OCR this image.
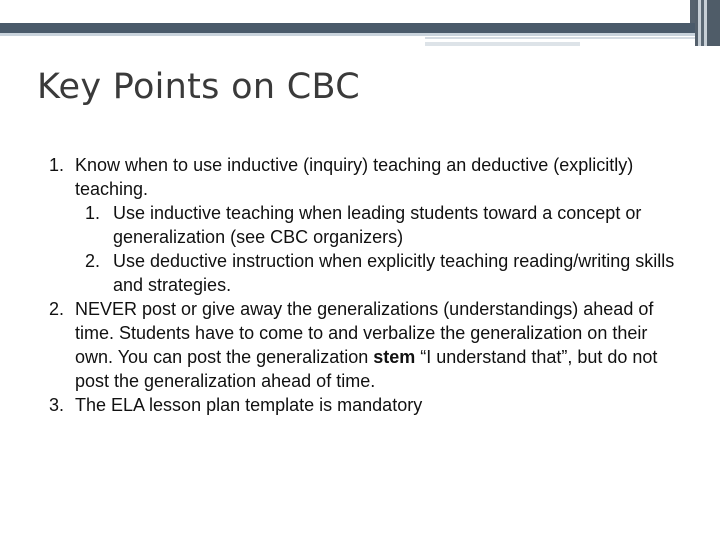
Key Points on CBC
1. Know when to use inductive (inquiry) teaching an deductive (explicitly) teaching.
1. Use inductive teaching when leading students toward a concept or generalization (see CBC organizers)
2. Use deductive instruction when explicitly teaching reading/writing skills and strategies.
2. NEVER post or give away the generalizations (understandings) ahead of time. Students have to come to and verbalize the generalization on their own. You can post the generalization stem “I understand that”, but do not post the generalization ahead of time.
3. The ELA lesson plan template is mandatory
